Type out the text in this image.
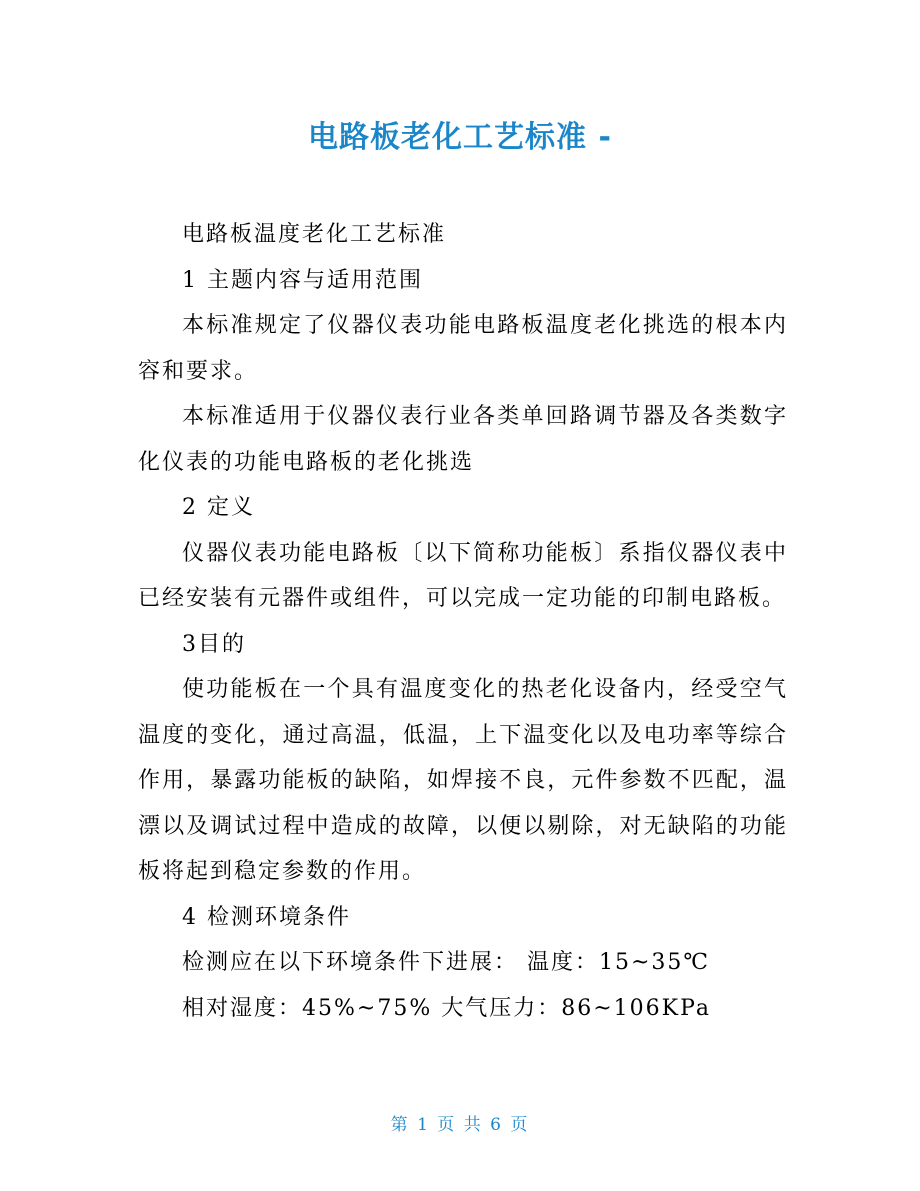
电路板老化工艺标准 -

电路板温度老化工艺标准

1 主题内容与适用范围

本标准规定了仪器仪表功能电路板温度老化挑选的根本内容和要求。

本标准适用于仪器仪表行业各类单回路调节器及各类数字化仪表的功能电路板的老化挑选

2 定义

仪器仪表功能电路板〔以下简称功能板〕系指仪器仪表中已经安装有元器件或组件，可以完成一定功能的印制电路板。

3目的

使功能板在一个具有温度变化的热老化设备内，经受空气温度的变化，通过高温，低温，上下温变化以及电功率等综合作用，暴露功能板的缺陷，如焊接不良，元件参数不匹配，温漂以及调试过程中造成的故障，以便以剔除，对无缺陷的功能板将起到稳定参数的作用。

4 检测环境条件

检测应在以下环境条件下进展： 温度：15~35℃

相对湿度：45%~75% 大气压力：86~106KPa

第 1 页 共 6 页
